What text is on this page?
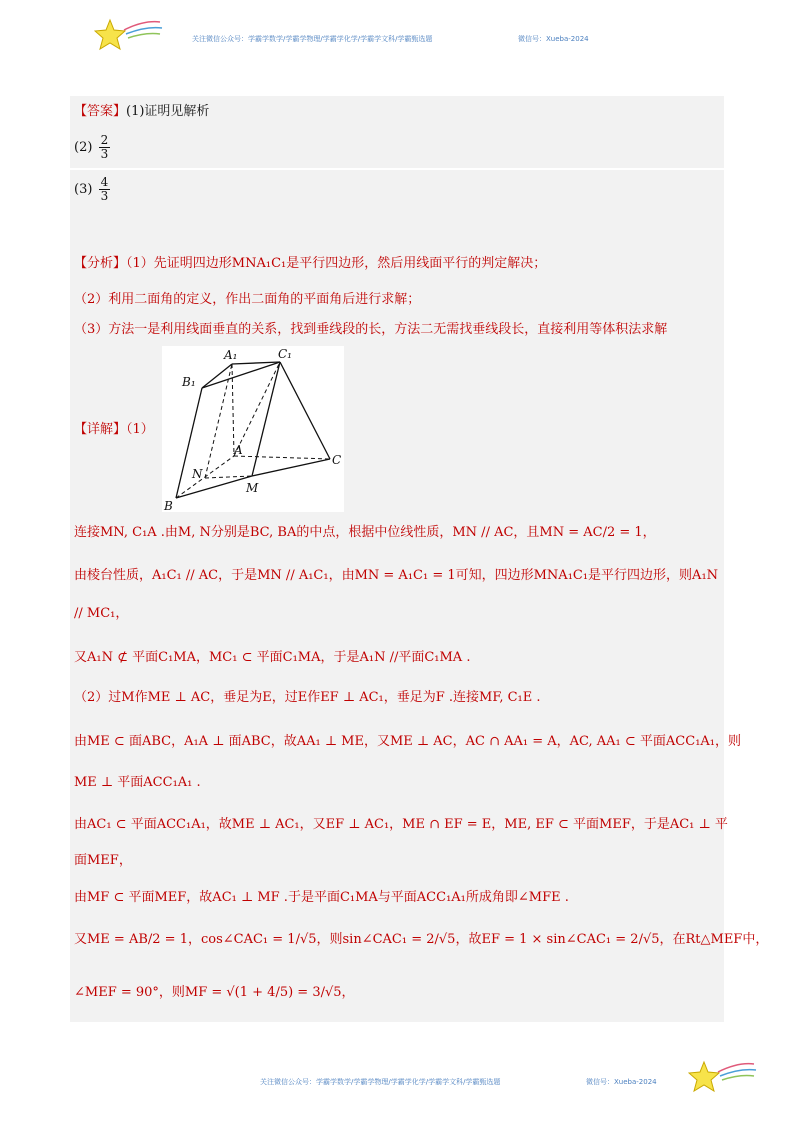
关注微信公众号：学霸学数学/学霸学物理/学霸学化学/学霸学文科/学霸甄选题	微信号：Xueba-2024
【答案】(1)证明见解析
$(2) \frac{2}{3}$
$(3) \frac{4}{3}$
【分析】（1）先证明四边形MNA₁C₁是平行四边形，然后用线面平行的判定解决；
（2）利用二面角的定义，作出二面角的平面角后进行求解；
（3）方法一是利用线面垂直的关系，找到垂线段的长，方法二无需找垂线段长，直接利用等体积法求解
A₁	C₁
B₁
A
N
M
C
B
【详解】（1）
连接MN, C₁A .由M, N分别是BC, BA的中点，根据中位线性质，MN // AC，且MN = AC/2 = 1，
由棱台性质，A₁C₁ // AC，于是MN // A₁C₁，由MN = A₁C₁ = 1可知，四边形MNA₁C₁是平行四边形，则A₁N
// MC₁，
又A₁N ⊄ 平面C₁MA，MC₁ ⊂ 平面C₁MA，于是A₁N //平面C₁MA .
（2）过M作ME ⊥ AC，垂足为E，过E作EF ⊥ AC₁，垂足为F .连接MF, C₁E .
由ME ⊂ 面ABC，A₁A ⊥ 面ABC，故AA₁ ⊥ ME，又ME ⊥ AC，AC ∩ AA₁ = A，AC, AA₁ ⊂ 平面ACC₁A₁，则
ME ⊥ 平面ACC₁A₁ .
由AC₁ ⊂ 平面ACC₁A₁，故ME ⊥ AC₁，又EF ⊥ AC₁，ME ∩ EF = E，ME, EF ⊂ 平面MEF，于是AC₁ ⊥ 平
面MEF，
由MF ⊂ 平面MEF，故AC₁ ⊥ MF .于是平面C₁MA与平面ACC₁A₁所成角即∠MFE .
又ME = AB/2 = 1，cos∠CAC₁ = 1/√5，则sin∠CAC₁ = 2/√5，故EF = 1 × sin∠CAC₁ = 2/√5，在Rt△MEF中，
∠MEF = 90°，则MF = √(1 + 4/5) = 3/√5，
关注微信公众号：学霸学数学/学霸学物理/学霸学化学/学霸学文科/学霸甄选题	微信号：Xueba-2024
